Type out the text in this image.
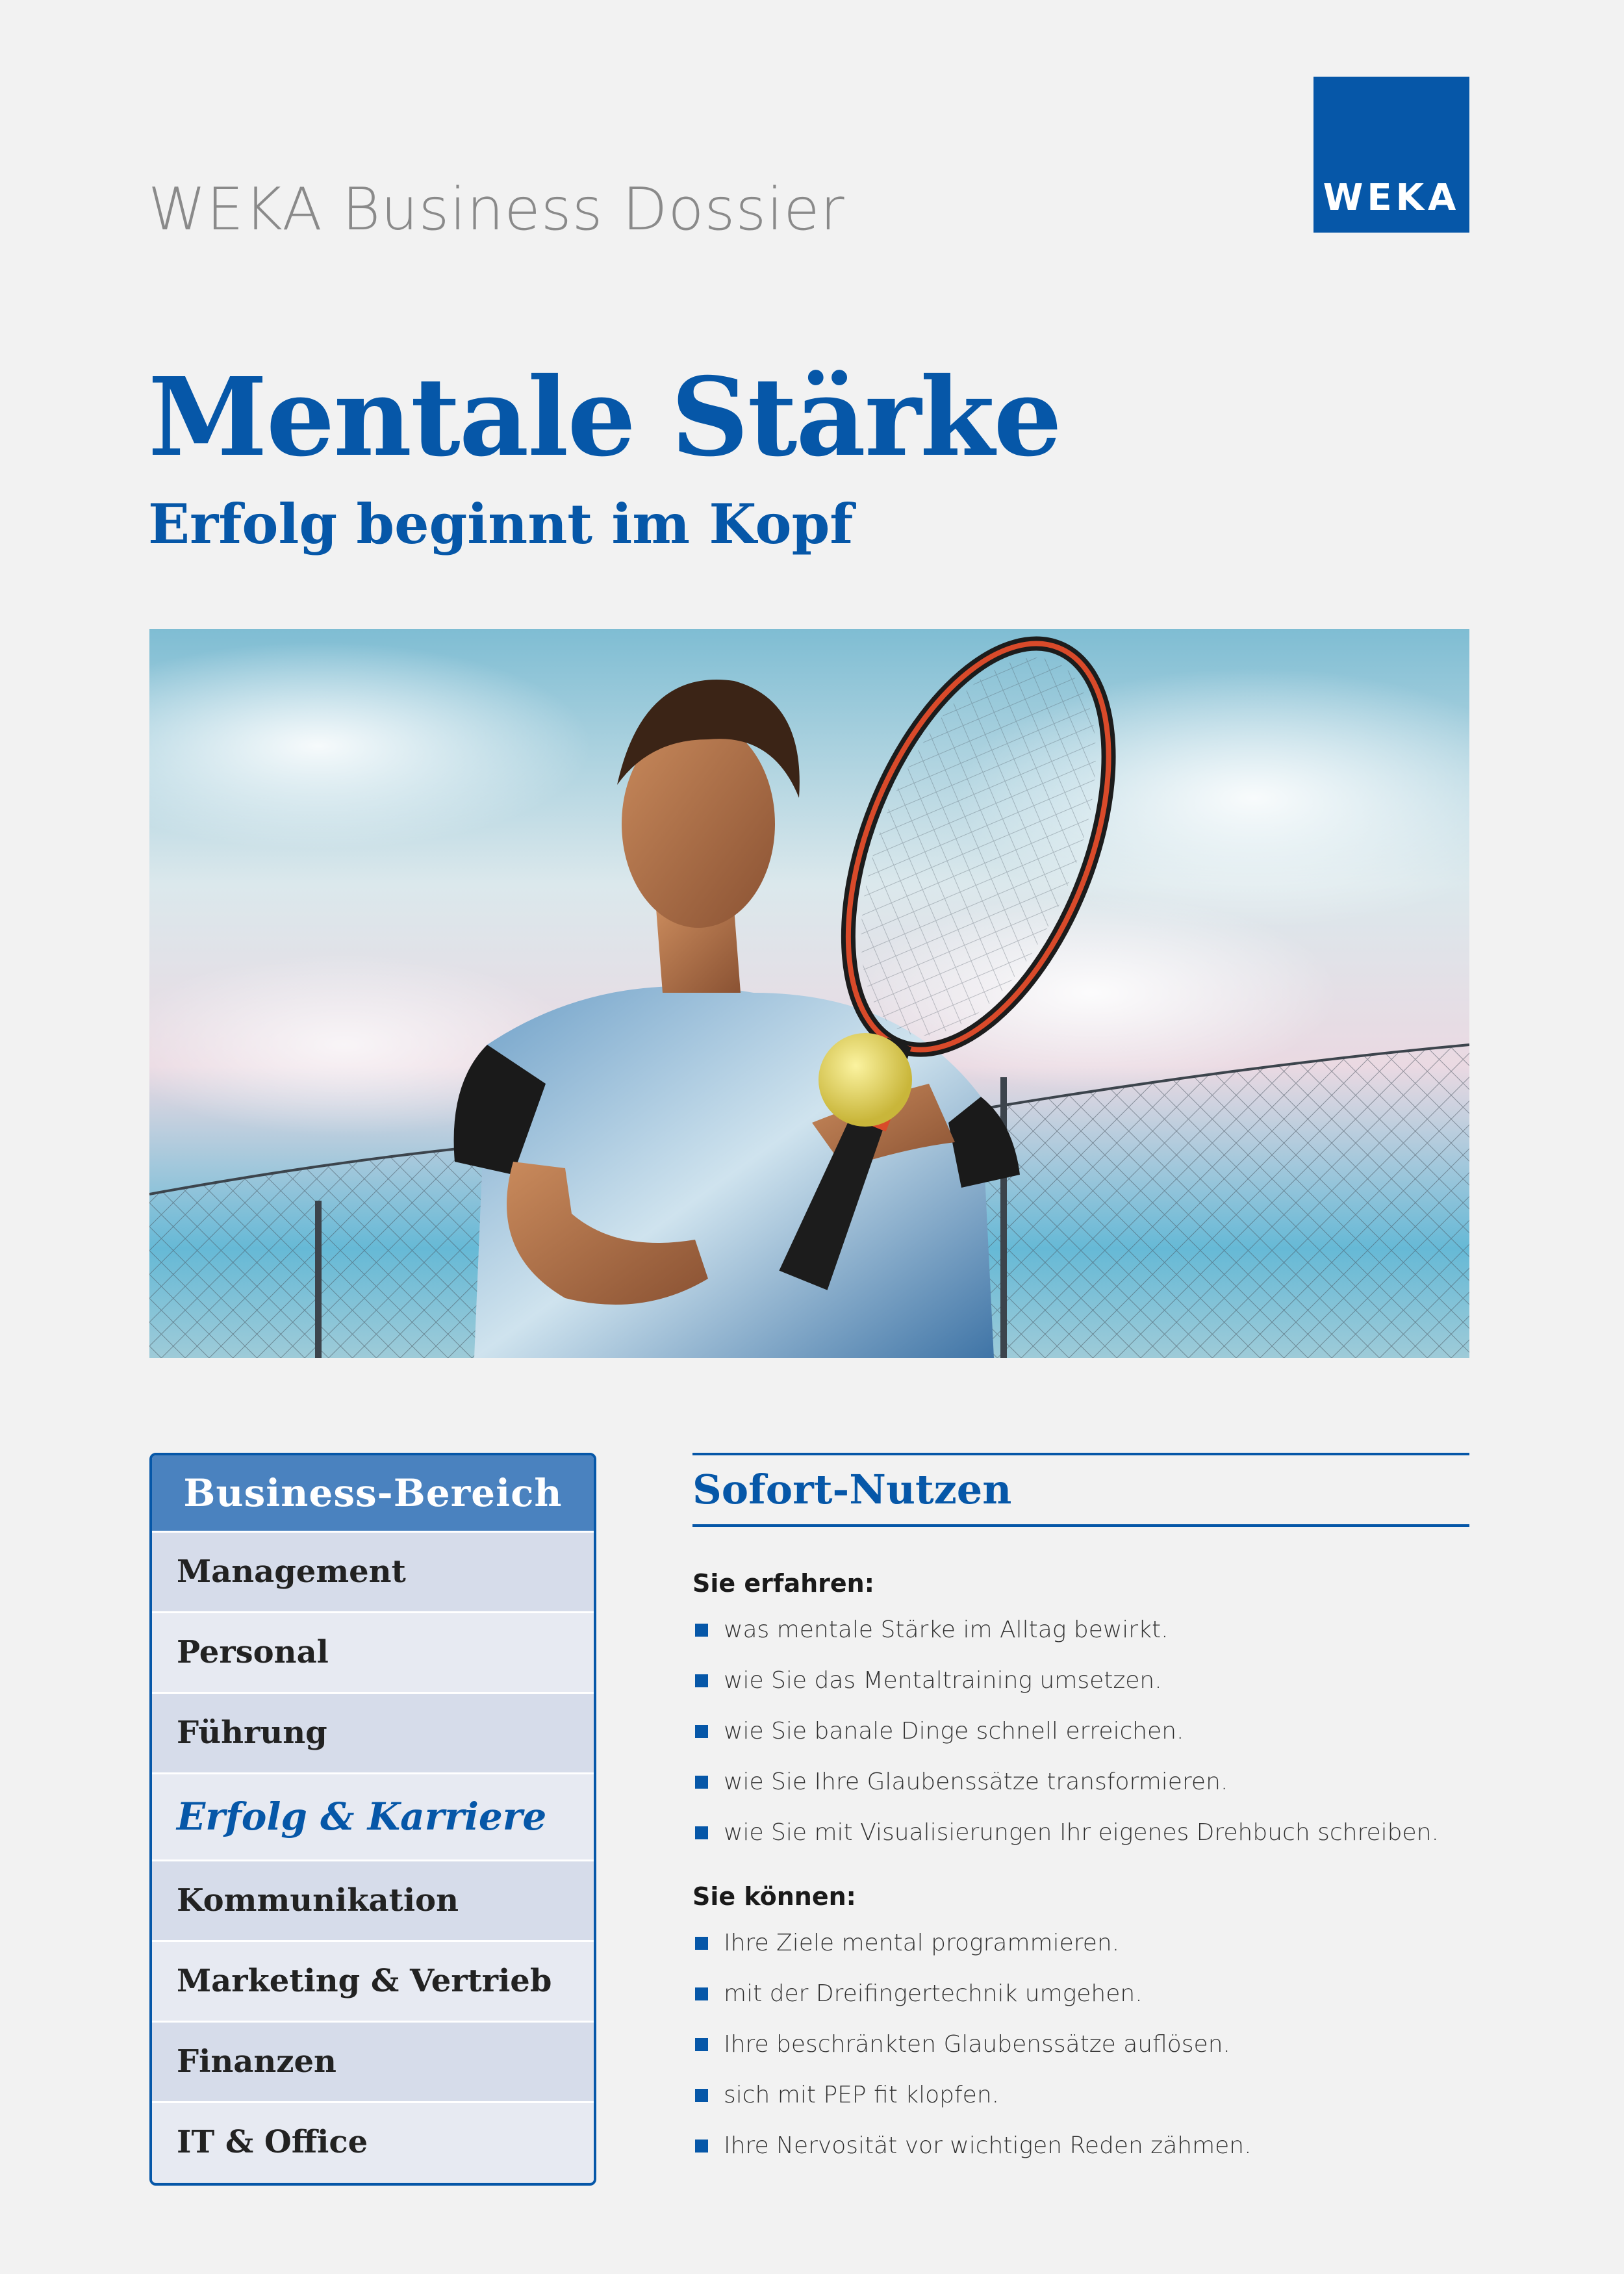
WEKA Business Dossier	WEKA
Mentale Stärke
Erfolg beginnt im Kopf
Business-Bereich
Management
Personal
Führung
Erfolg & Karriere
Kommunikation
Marketing & Vertrieb
Finanzen
IT & Office
Sofort-Nutzen
Sie erfahren:
was mentale Stärke im Alltag bewirkt.
wie Sie das Mentaltraining umsetzen.
wie Sie banale Dinge schnell erreichen.
wie Sie Ihre Glaubenssätze transformieren.
wie Sie mit Visualisierungen Ihr eigenes Drehbuch schreiben.
Sie können:
Ihre Ziele mental programmieren.
mit der Dreifingertechnik umgehen.
Ihre beschränkten Glaubenssätze auflösen.
sich mit PEP fit klopfen.
Ihre Nervosität vor wichtigen Reden zähmen.
